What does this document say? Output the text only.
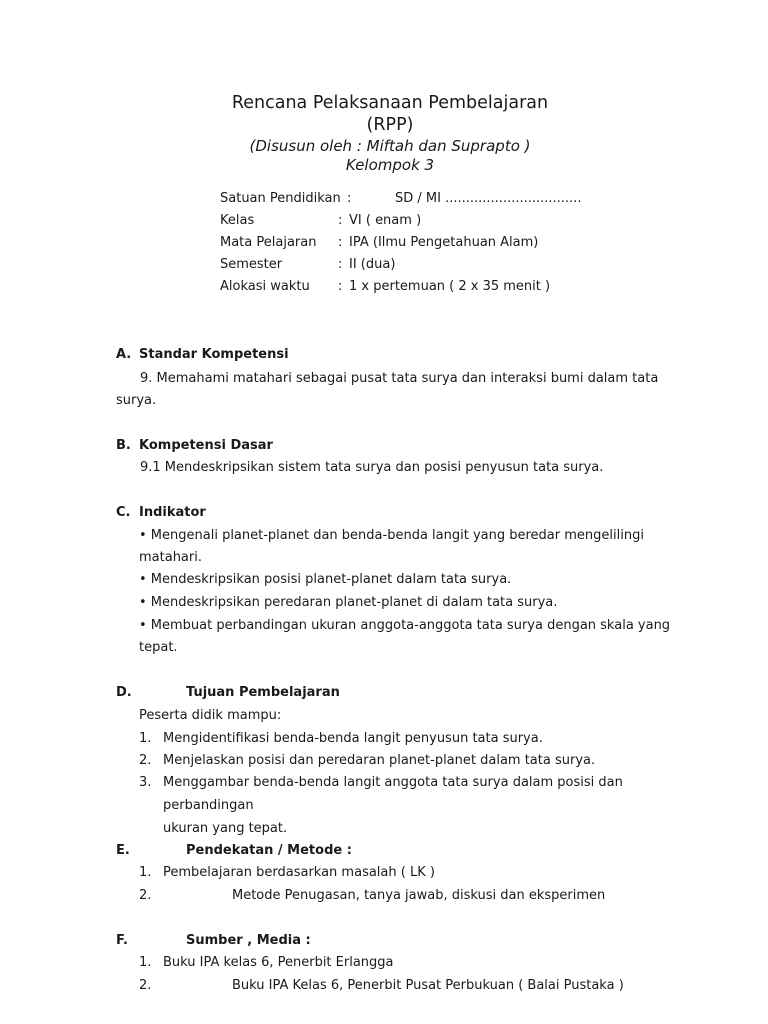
Rencana Pelaksanaan Pembelajaran
(RPP)
(Disusun oleh : Miftah dan Suprapto )
Kelompok 3
Satuan Pendidikan :	SD / MI .................................
Kelas	: VI ( enam )
Mata Pelajaran : IPA (Ilmu Pengetahuan Alam)
Semester	: II (dua)
Alokasi waktu : 1 x pertemuan ( 2 x 35 menit )
A. Standar Kompetensi
9. Memahami matahari sebagai pusat tata surya dan interaksi bumi dalam tata
surya.
B. Kompetensi Dasar
9.1 Mendeskripsikan sistem tata surya dan posisi penyusun tata surya.
C. Indikator
• Mengenali planet-planet dan benda-benda langit yang beredar mengelilingi
matahari.
• Mendeskripsikan posisi planet-planet dalam tata surya.
• Mendeskripsikan peredaran planet-planet di dalam tata surya.
• Membuat perbandingan ukuran anggota-anggota tata surya dengan skala yang
tepat.
D.	Tujuan Pembelajaran
Peserta didik mampu:
1. Mengidentifikasi benda-benda langit penyusun tata surya.
2. Menjelaskan posisi dan peredaran planet-planet dalam tata surya.
3. Menggambar benda-benda langit anggota tata surya dalam posisi dan
perbandingan
ukuran yang tepat.
E.	Pendekatan / Metode :
1. Pembelajaran berdasarkan masalah ( LK )
2.	Metode Penugasan, tanya jawab, diskusi dan eksperimen
F.	Sumber , Media :
1. Buku IPA kelas 6, Penerbit Erlangga
2.	Buku IPA Kelas 6, Penerbit Pusat Perbukuan ( Balai Pustaka )
